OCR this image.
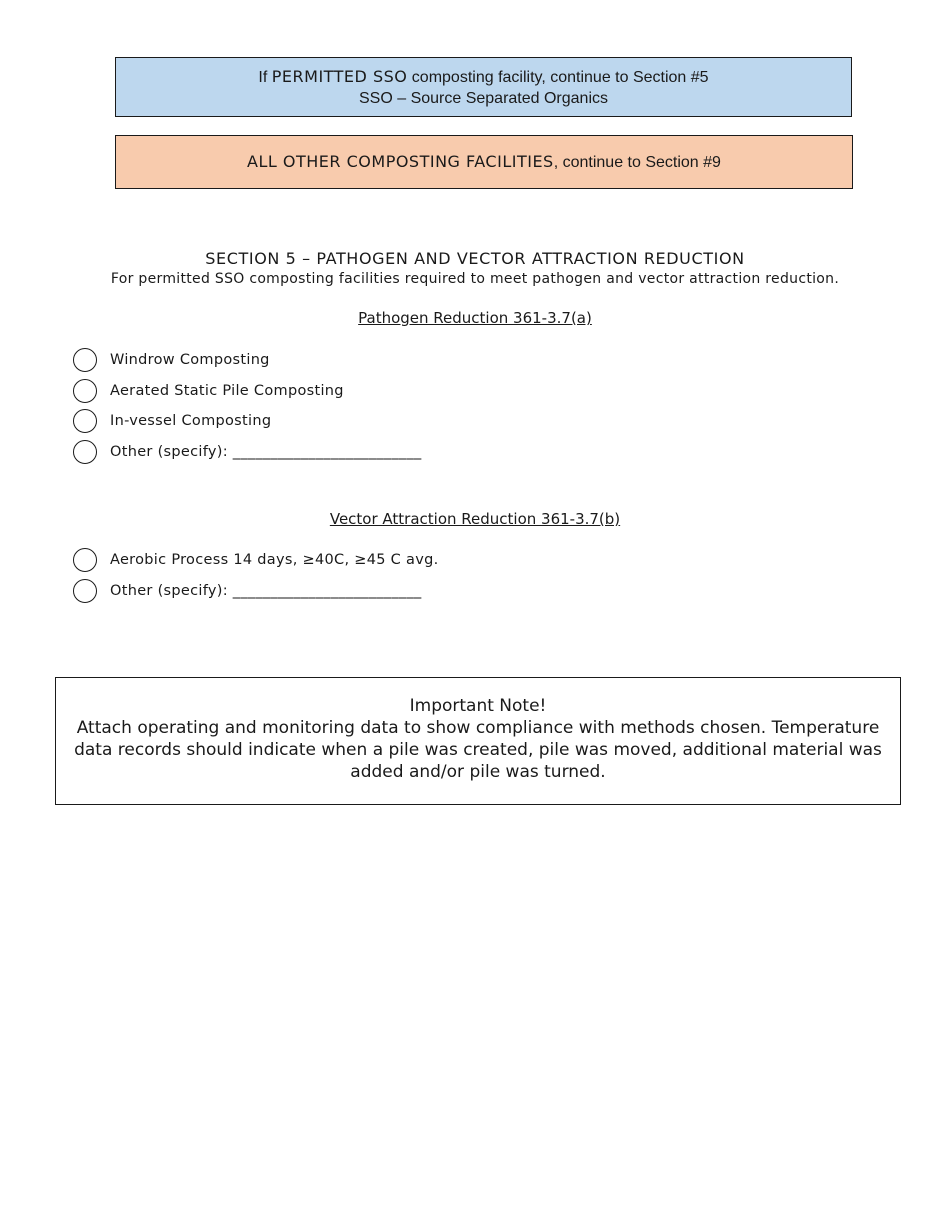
If PERMITTED SSO composting facility, continue to Section #5
SSO – Source Separated Organics
ALL OTHER COMPOSTING FACILITIES, continue to Section #9
SECTION 5 – PATHOGEN AND VECTOR ATTRACTION REDUCTION
For permitted SSO composting facilities required to meet pathogen and vector attraction reduction.
Pathogen Reduction 361-3.7(a)
Windrow Composting
Aerated Static Pile Composting
In-vessel Composting
Other (specify): _________________________
Vector Attraction Reduction 361-3.7(b)
Aerobic Process 14 days, ≥40C, ≥45 C avg.
Other (specify): _________________________
Important Note!
Attach operating and monitoring data to show compliance with methods chosen. Temperature data records should indicate when a pile was created, pile was moved, additional material was added and/or pile was turned.
